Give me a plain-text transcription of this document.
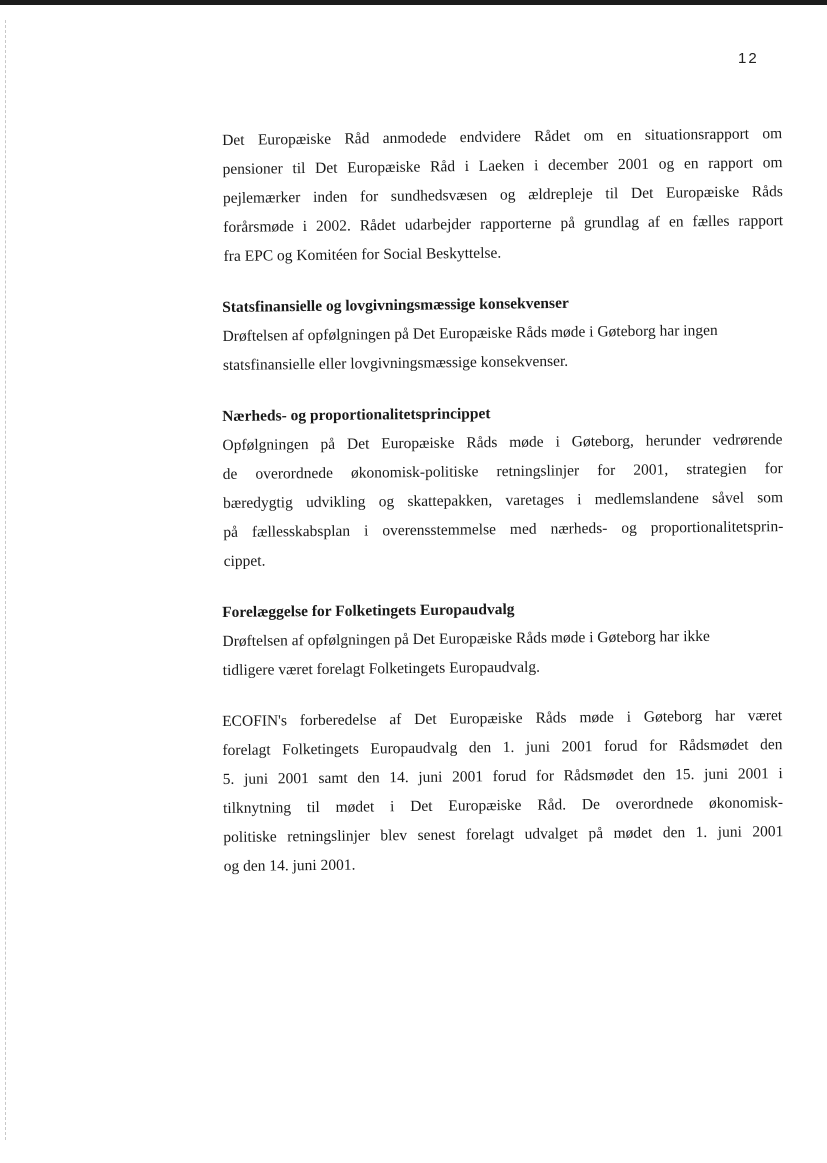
12
Det Europæiske Råd anmodede endvidere Rådet om en situationsrapport om
pensioner til Det Europæiske Råd i Laeken i december 2001 og en rapport om
pejlemærker inden for sundhedsvæsen og ældrepleje til Det Europæiske Råds
forårsmøde i 2002. Rådet udarbejder rapporterne på grundlag af en fælles rapport
fra EPC og Komitéen for Social Beskyttelse.
Statsfinansielle og lovgivningsmæssige konsekvenser
Drøftelsen af opfølgningen på Det Europæiske Råds møde i Gøteborg har ingen
statsfinansielle eller lovgivningsmæssige konsekvenser.
Nærheds- og proportionalitetsprincippet
Opfølgningen på Det Europæiske Råds møde i Gøteborg, herunder vedrørende
de overordnede økonomisk-politiske retningslinjer for 2001, strategien for
bæredygtig udvikling og skattepakken, varetages i medlemslandene såvel som
på fællesskabsplan i overensstemmelse med nærheds- og proportionalitetsprin-
cippet.
Forelæggelse for Folketingets Europaudvalg
Drøftelsen af opfølgningen på Det Europæiske Råds møde i Gøteborg har ikke
tidligere været forelagt Folketingets Europaudvalg.
ECOFIN's forberedelse af Det Europæiske Råds møde i Gøteborg har været
forelagt Folketingets Europaudvalg den 1. juni 2001 forud for Rådsmødet den
5. juni 2001 samt den 14. juni 2001 forud for Rådsmødet den 15. juni 2001 i
tilknytning til mødet i Det Europæiske Råd. De overordnede økonomisk-
politiske retningslinjer blev senest forelagt udvalget på mødet den 1. juni 2001
og den 14. juni 2001.
